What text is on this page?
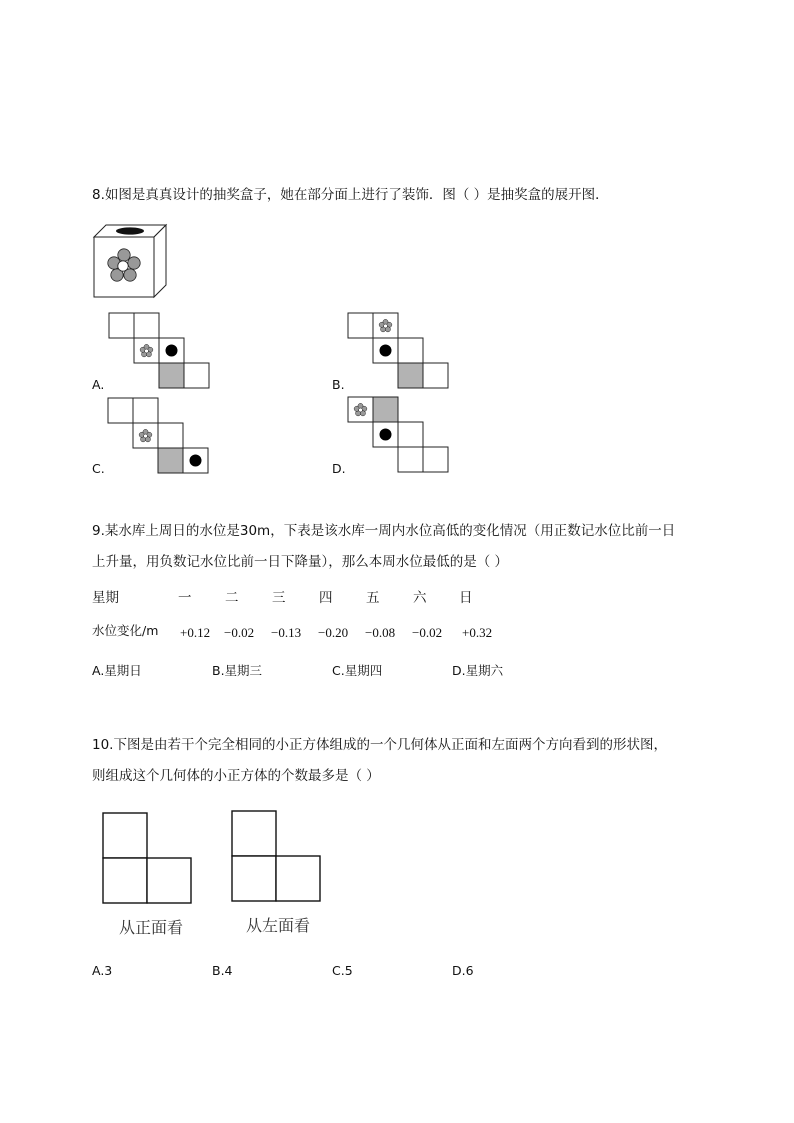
8.如图是真真设计的抽奖盒子，她在部分面上进行了装饰．图（ ）是抽奖盒的展开图．
A.	B.
C.	D.
9.某水库上周日的水位是30m，下表是该水库一周内水位高低的变化情况（用正数记水位比前一日
上升量，用负数记水位比前一日下降量），那么本周水位最低的是（ ）
星期	一 二 三 四 五 六 日
水位变化/m +0.12 −0.02 −0.13 −0.20 −0.08 −0.02 +0.32
A.星期日	B.星期三	C.星期四	D.星期六
10.下图是由若干个完全相同的小正方体组成的一个几何体从正面和左面两个方向看到的形状图，
则组成这个几何体的小正方体的个数最多是（ ）
从正面看	从左面看
A.3	B.4	C.5	D.6
